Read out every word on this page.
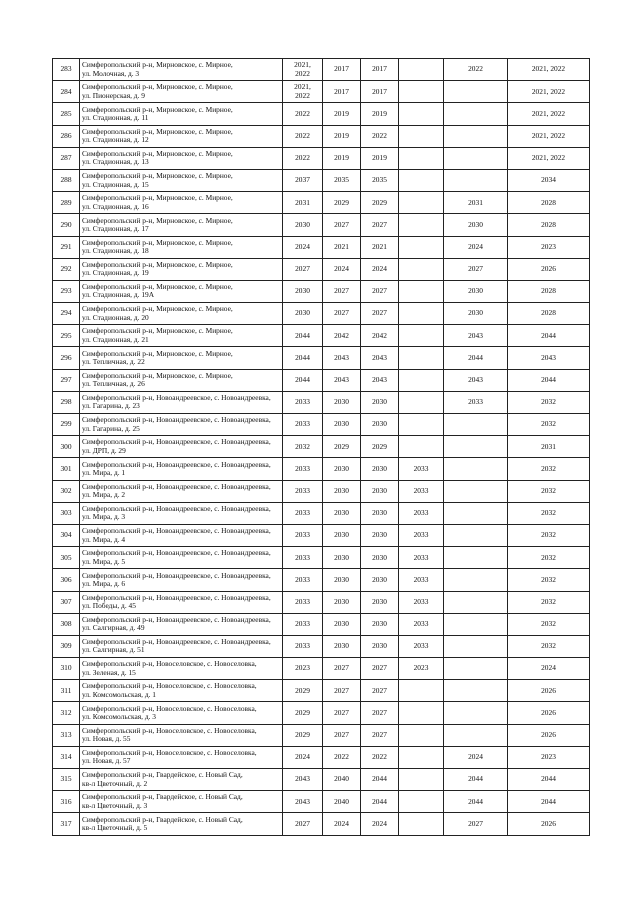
283	Симферопольский р-н, Мирновское, с. Мирное,
ул. Молочная, д. 3	2021,
2022	2017	2017		2022	2021, 2022

284	Симферопольский р-н, Мирновское, с. Мирное,
ул. Пионерская, д. 9	2021,
2022	2017	2017			2021, 2022

285	Симферопольский р-н, Мирновское, с. Мирное,
ул. Стадионная, д. 11	2022	2019	2019			2021, 2022

286	Симферопольский р-н, Мирновское, с. Мирное,
ул. Стадионная, д. 12	2022	2019	2022			2021, 2022

287	Симферопольский р-н, Мирновское, с. Мирное,
ул. Стадионная, д. 13	2022	2019	2019			2021, 2022

288	Симферопольский р-н, Мирновское, с. Мирное,
ул. Стадионная, д. 15	2037	2035	2035			2034

289	Симферопольский р-н, Мирновское, с. Мирное,
ул. Стадионная, д. 16	2031	2029	2029		2031	2028

290	Симферопольский р-н, Мирновское, с. Мирное,
ул. Стадионная, д. 17	2030	2027	2027		2030	2028

291	Симферопольский р-н, Мирновское, с. Мирное,
ул. Стадионная, д. 18	2024	2021	2021		2024	2023

292	Симферопольский р-н, Мирновское, с. Мирное,
ул. Стадионная, д. 19	2027	2024	2024		2027	2026

293	Симферопольский р-н, Мирновское, с. Мирное,
ул. Стадионная, д. 19А	2030	2027	2027		2030	2028

294	Симферопольский р-н, Мирновское, с. Мирное,
ул. Стадионная, д. 20	2030	2027	2027		2030	2028

295	Симферопольский р-н, Мирновское, с. Мирное,
ул. Стадионная, д. 21	2044	2042	2042		2043	2044

296	Симферопольский р-н, Мирновское, с. Мирное,
ул. Тепличная, д. 22	2044	2043	2043		2044	2043

297	Симферопольский р-н, Мирновское, с. Мирное,
ул. Тепличная, д. 26	2044	2043	2043		2043	2044

298	Симферопольский р-н, Новоандреевское, с. Новоандреевка,
ул. Гагарина, д. 23	2033	2030	2030		2033	2032

299	Симферопольский р-н, Новоандреевское, с. Новоандреевка,
ул. Гагарина, д. 25	2033	2030	2030			2032

300	Симферопольский р-н, Новоандреевское, с. Новоандреевка,
ул. ДРП, д. 29	2032	2029	2029			2031

301	Симферопольский р-н, Новоандреевское, с. Новоандреевка,
ул. Мира, д. 1	2033	2030	2030	2033		2032

302	Симферопольский р-н, Новоандреевское, с. Новоандреевка,
ул. Мира, д. 2	2033	2030	2030	2033		2032

303	Симферопольский р-н, Новоандреевское, с. Новоандреевка,
ул. Мира, д. 3	2033	2030	2030	2033		2032

304	Симферопольский р-н, Новоандреевское, с. Новоандреевка,
ул. Мира, д. 4	2033	2030	2030	2033		2032

305	Симферопольский р-н, Новоандреевское, с. Новоандреевка,
ул. Мира, д. 5	2033	2030	2030	2033		2032

306	Симферопольский р-н, Новоандреевское, с. Новоандреевка,
ул. Мира, д. 6	2033	2030	2030	2033		2032

307	Симферопольский р-н, Новоандреевское, с. Новоандреевка,
ул. Победы, д. 45	2033	2030	2030	2033		2032

308	Симферопольский р-н, Новоандреевское, с. Новоандреевка,
ул. Салгирная, д. 49	2033	2030	2030	2033		2032

309	Симферопольский р-н, Новоандреевское, с. Новоандреевка,
ул. Салгирная, д. 51	2033	2030	2030	2033		2032

310	Симферопольский р-н, Новоселовское, с. Новоселовка,
ул. Зеленая, д. 15	2023	2027	2027	2023		2024

311	Симферопольский р-н, Новоселовское, с. Новоселовка,
ул. Комсомольская, д. 1	2029	2027	2027			2026

312	Симферопольский р-н, Новоселовское, с. Новоселовка,
ул. Комсомольская, д. 3	2029	2027	2027			2026

313	Симферопольский р-н, Новоселовское, с. Новоселовка,
ул. Новая, д. 55	2029	2027	2027			2026

314	Симферопольский р-н, Новоселовское, с. Новоселовка,
ул. Новая, д. 57	2024	2022	2022		2024	2023

315	Симферопольский р-н, Гвардейское, с. Новый Сад,
кв-л Цветочный, д. 2	2043	2040	2044		2044	2044

316	Симферопольский р-н, Гвардейское, с. Новый Сад,
кв-л Цветочный, д. 3	2043	2040	2044		2044	2044

317	Симферопольский р-н, Гвардейское, с. Новый Сад,
кв-л Цветочный, д. 5	2027	2024	2024		2027	2026
